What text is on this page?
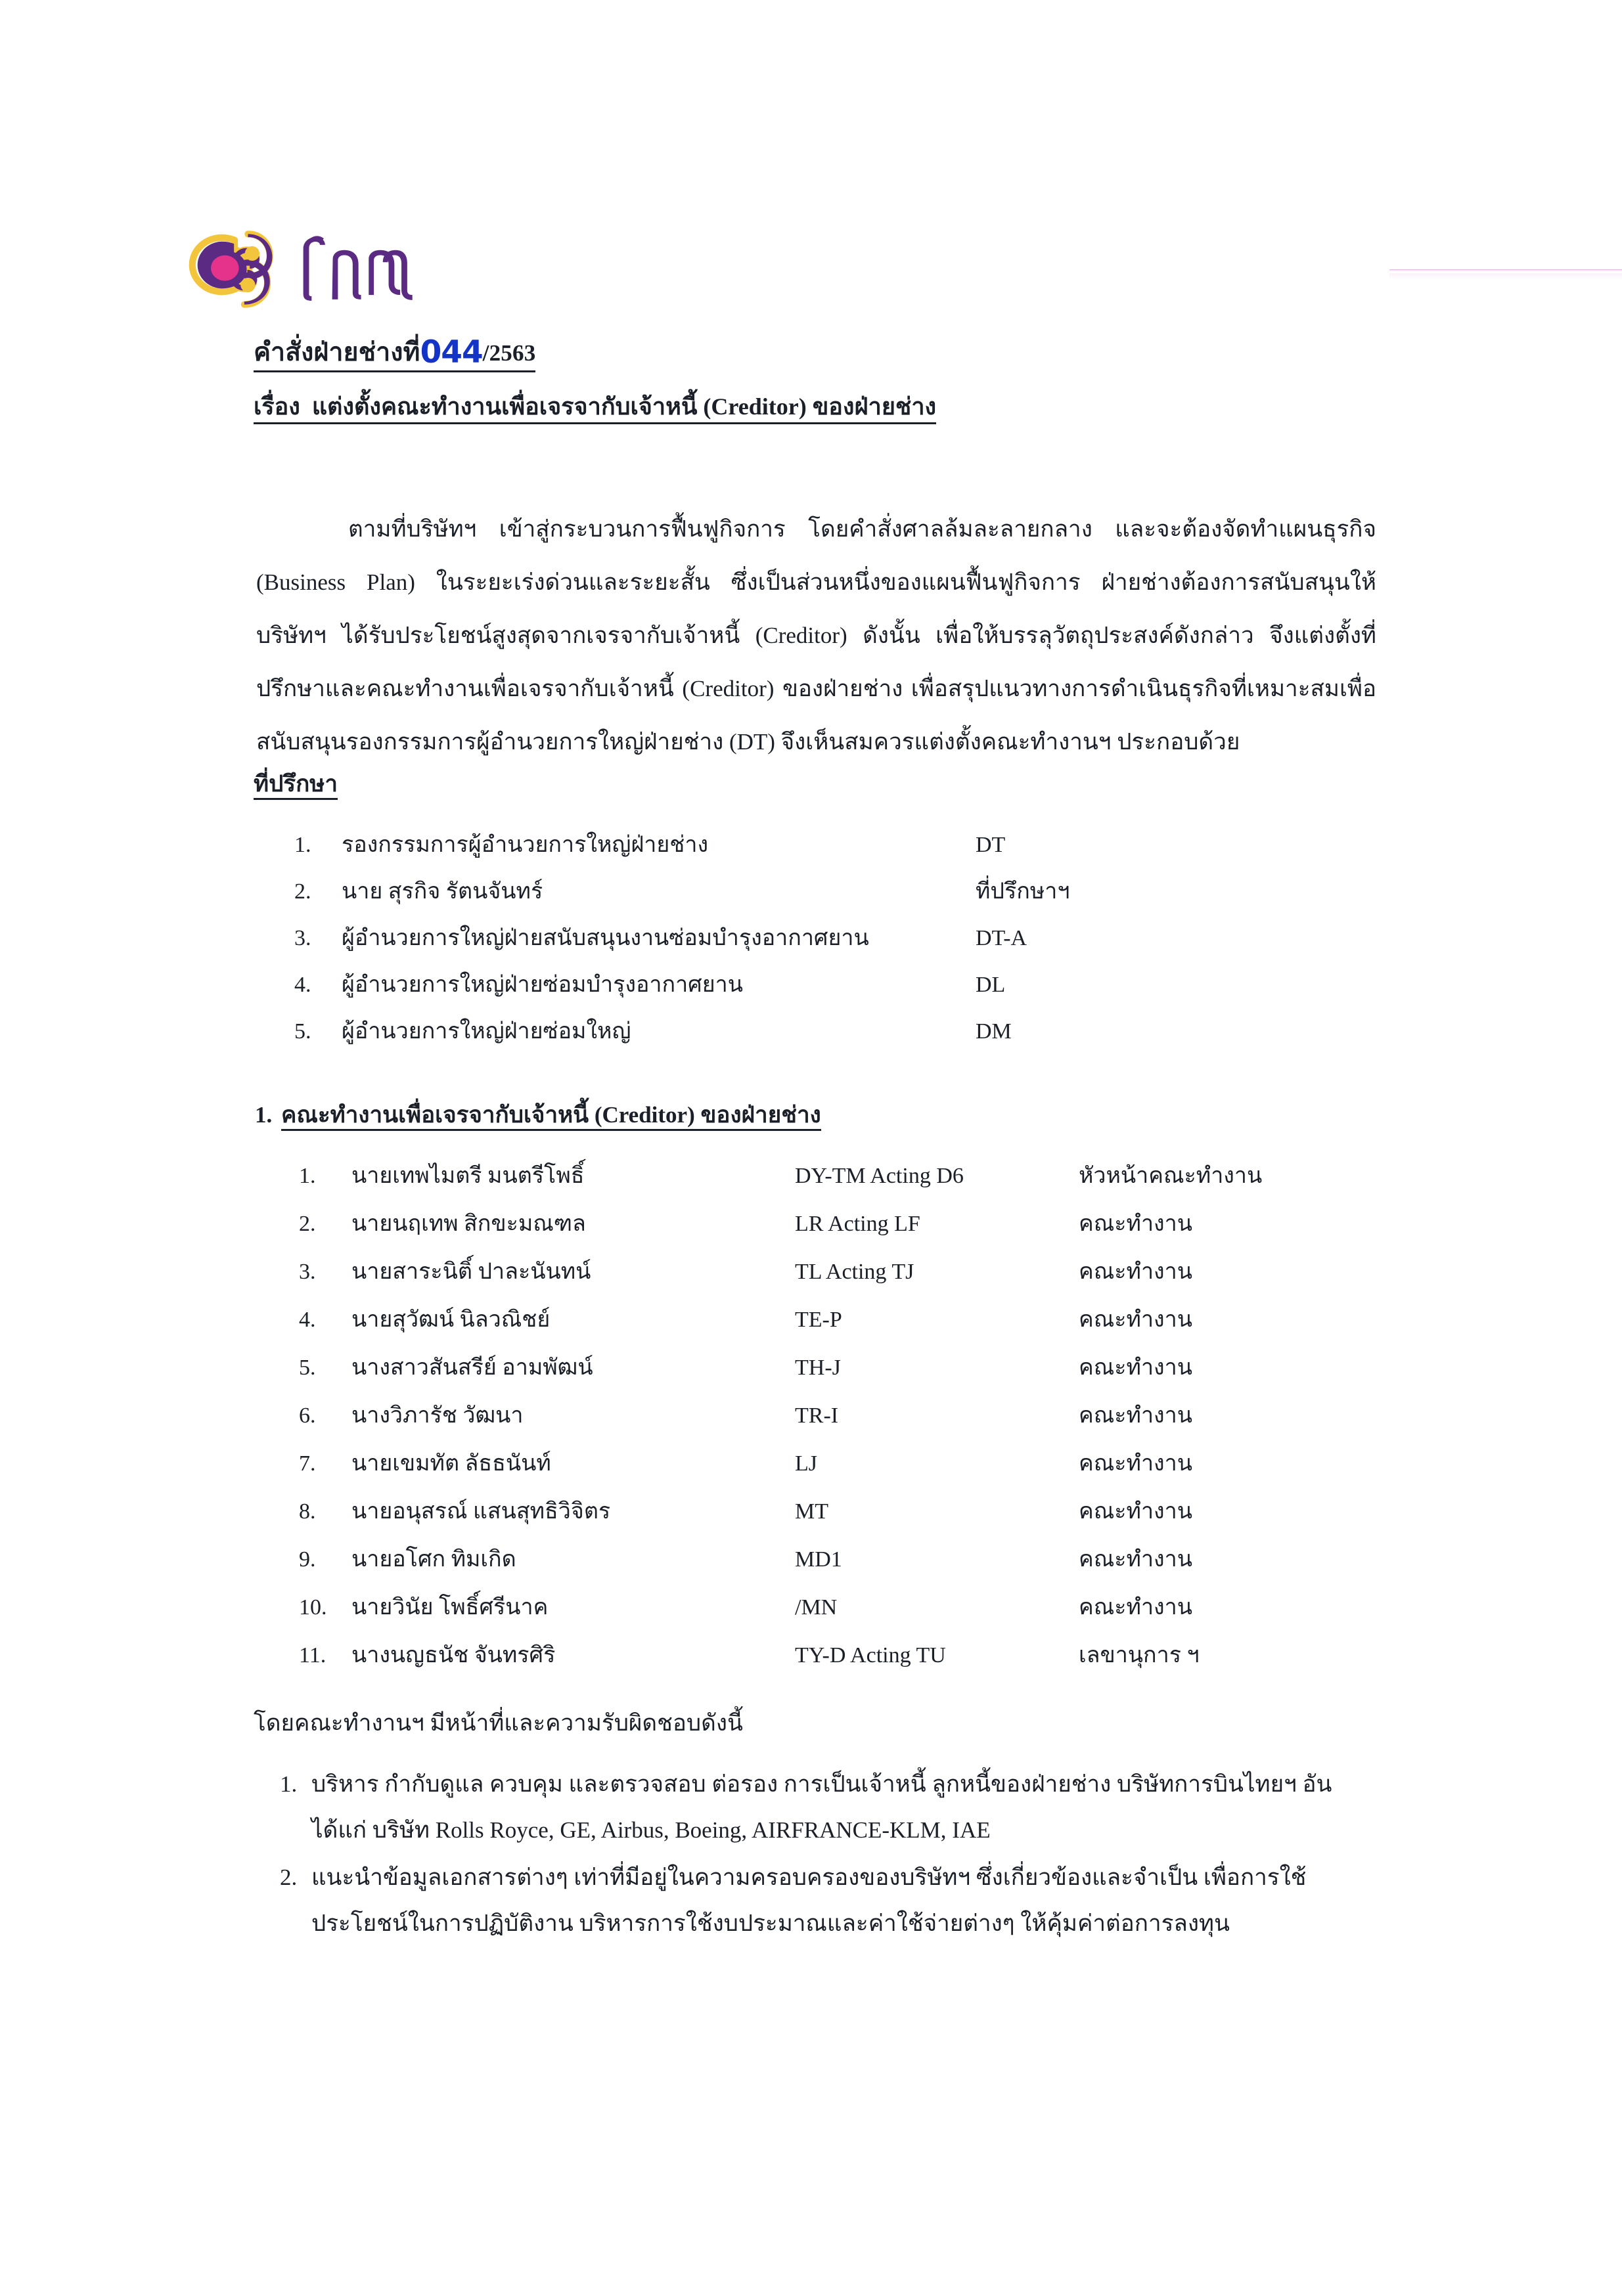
คำสั่งฝ่ายช่างที่044/2563
เรื่อง แต่งตั้งคณะทำงานเพื่อเจรจากับเจ้าหนี้ (Creditor) ของฝ่ายช่าง
ตามที่บริษัทฯ เข้าสู่กระบวนการฟื้นฟูกิจการ โดยคำสั่งศาลล้มละลายกลาง และจะต้องจัดทำแผนธุรกิจ (Business Plan) ในระยะเร่งด่วนและระยะสั้น ซึ่งเป็นส่วนหนึ่งของแผนฟื้นฟูกิจการ ฝ่ายช่างต้องการสนับสนุนให้บริษัทฯ ได้รับประโยชน์สูงสุดจากเจรจากับเจ้าหนี้ (Creditor) ดังนั้น เพื่อให้บรรลุวัตถุประสงค์ดังกล่าว จึงแต่งตั้งที่ปรึกษาและคณะทำงานเพื่อเจรจากับเจ้าหนี้ (Creditor) ของฝ่ายช่าง เพื่อสรุปแนวทางการดำเนินธุรกิจที่เหมาะสมเพื่อสนับสนุนรองกรรมการผู้อำนวยการใหญ่ฝ่ายช่าง (DT) จึงเห็นสมควรแต่งตั้งคณะทำงานฯ ประกอบด้วย
ที่ปรึกษา
1.	รองกรรมการผู้อำนวยการใหญ่ฝ่ายช่าง	DT
2.	นาย สุรกิจ รัตนจันทร์	ที่ปรึกษาฯ
3.	ผู้อำนวยการใหญ่ฝ่ายสนับสนุนงานซ่อมบำรุงอากาศยาน	DT-A
4.	ผู้อำนวยการใหญ่ฝ่ายซ่อมบำรุงอากาศยาน	DL
5.	ผู้อำนวยการใหญ่ฝ่ายซ่อมใหญ่	DM
1. คณะทำงานเพื่อเจรจากับเจ้าหนี้ (Creditor) ของฝ่ายช่าง
1.	นายเทพไมตรี มนตรีโพธิ์	DY-TM Acting D6	หัวหน้าคณะทำงาน
2.	นายนฤเทพ สิกขะมณฑล	LR Acting LF	คณะทำงาน
3.	นายสาระนิติ์ ปาละนันทน์	TL Acting TJ	คณะทำงาน
4.	นายสุวัฒน์ นิลวณิชย์	TE-P	คณะทำงาน
5.	นางสาวสันสรีย์ อามพัฒน์	TH-J	คณะทำงาน
6.	นางวิภารัช วัฒนา	TR-I	คณะทำงาน
7.	นายเขมทัต ลัธธนันท์	LJ	คณะทำงาน
8.	นายอนุสรณ์ แสนสุทธิวิจิตร	MT	คณะทำงาน
9.	นายอโศก ทิมเกิด	MD1	คณะทำงาน
10.	นายวินัย โพธิ์ศรีนาค	/MN	คณะทำงาน
11.	นางนญธนัช จันทรศิริ	TY-D Acting TU	เลขานุการ ฯ
โดยคณะทำงานฯ มีหน้าที่และความรับผิดชอบดังนี้
1. บริหาร กำกับดูแล ควบคุม และตรวจสอบ ต่อรอง การเป็นเจ้าหนี้ ลูกหนี้ของฝ่ายช่าง บริษัทการบินไทยฯ อัน
ได้แก่ บริษัท Rolls Royce, GE, Airbus, Boeing, AIRFRANCE-KLM, IAE
2. แนะนำข้อมูลเอกสารต่างๆ เท่าที่มีอยู่ในความครอบครองของบริษัทฯ ซึ่งเกี่ยวข้องและจำเป็น เพื่อการใช้
ประโยชน์ในการปฏิบัติงาน บริหารการใช้งบประมาณและค่าใช้จ่ายต่างๆ ให้คุ้มค่าต่อการลงทุน
